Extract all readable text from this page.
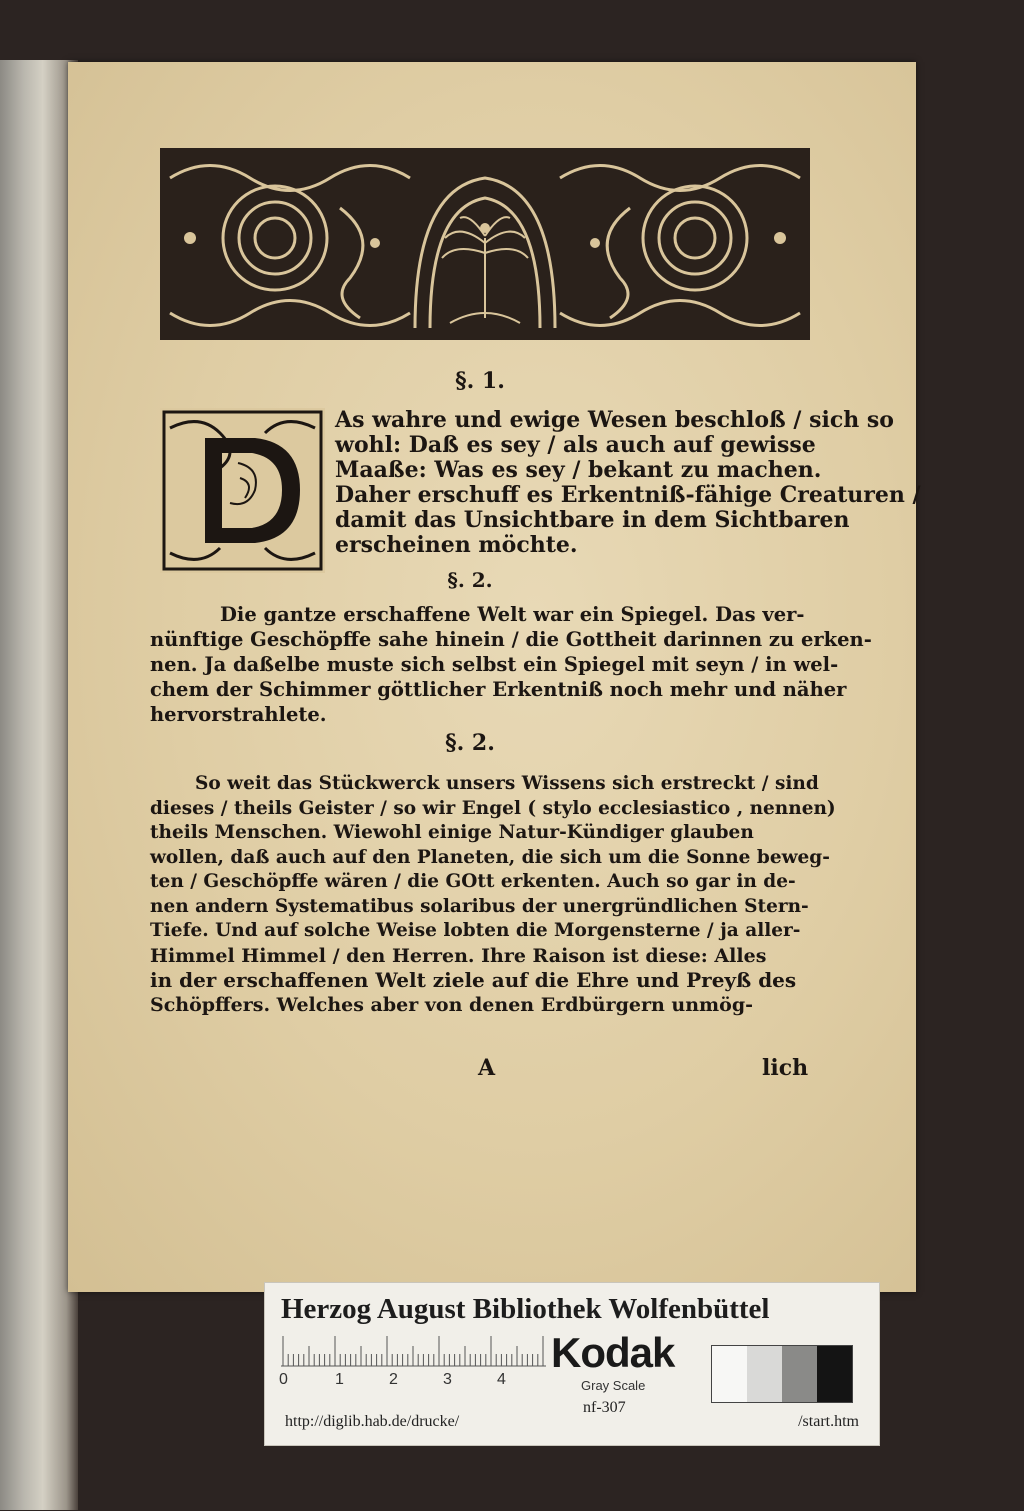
§. 1.
As wahre und ewige Wesen beschloß / sich so
wohl: Daß es sey / als auch auf gewisse
Maaße: Was es sey / bekant zu machen.
Daher erschuff es Erkentniß-fähige Creaturen /
damit das Unsichtbare in dem Sichtbaren
erscheinen möchte.
§. 2.
Die gantze erschaffene Welt war ein Spiegel. Das ver-
nünftige Geschöpffe sahe hinein / die Gottheit darinnen zu erken-
nen. Ja daßelbe muste sich selbst ein Spiegel mit seyn / in wel-
chem der Schimmer göttlicher Erkentniß noch mehr und näher
hervorstrahlete.
§. 2.
So weit das Stückwerck unsers Wissens sich erstreckt / sind
dieses / theils Geister / so wir Engel ( stylo ecclesiastico , nennen)
theils Menschen. Wiewohl einige Natur-Kündiger glauben
wollen, daß auch auf den Planeten, die sich um die Sonne beweg-
ten / Geschöpffe wären / die GOtt erkenten. Auch so gar in de-
nen andern Systematibus solaribus der unergründlichen Stern-
Tiefe. Und auf solche Weise lobten die Morgensterne / ja aller-
Himmel Himmel / den Herren. Ihre Raison ist diese: Alles
in der erschaffenen Welt ziele auf die Ehre und Preyß des
Schöpffers. Welches aber von denen Erdbürgern unmög-
A	lich
Herzog August Bibliothek Wolfenbüttel
0	1	2	3	4
Kodak
Gray Scale
nf-307
http://diglib.hab.de/drucke/	/start.htm
